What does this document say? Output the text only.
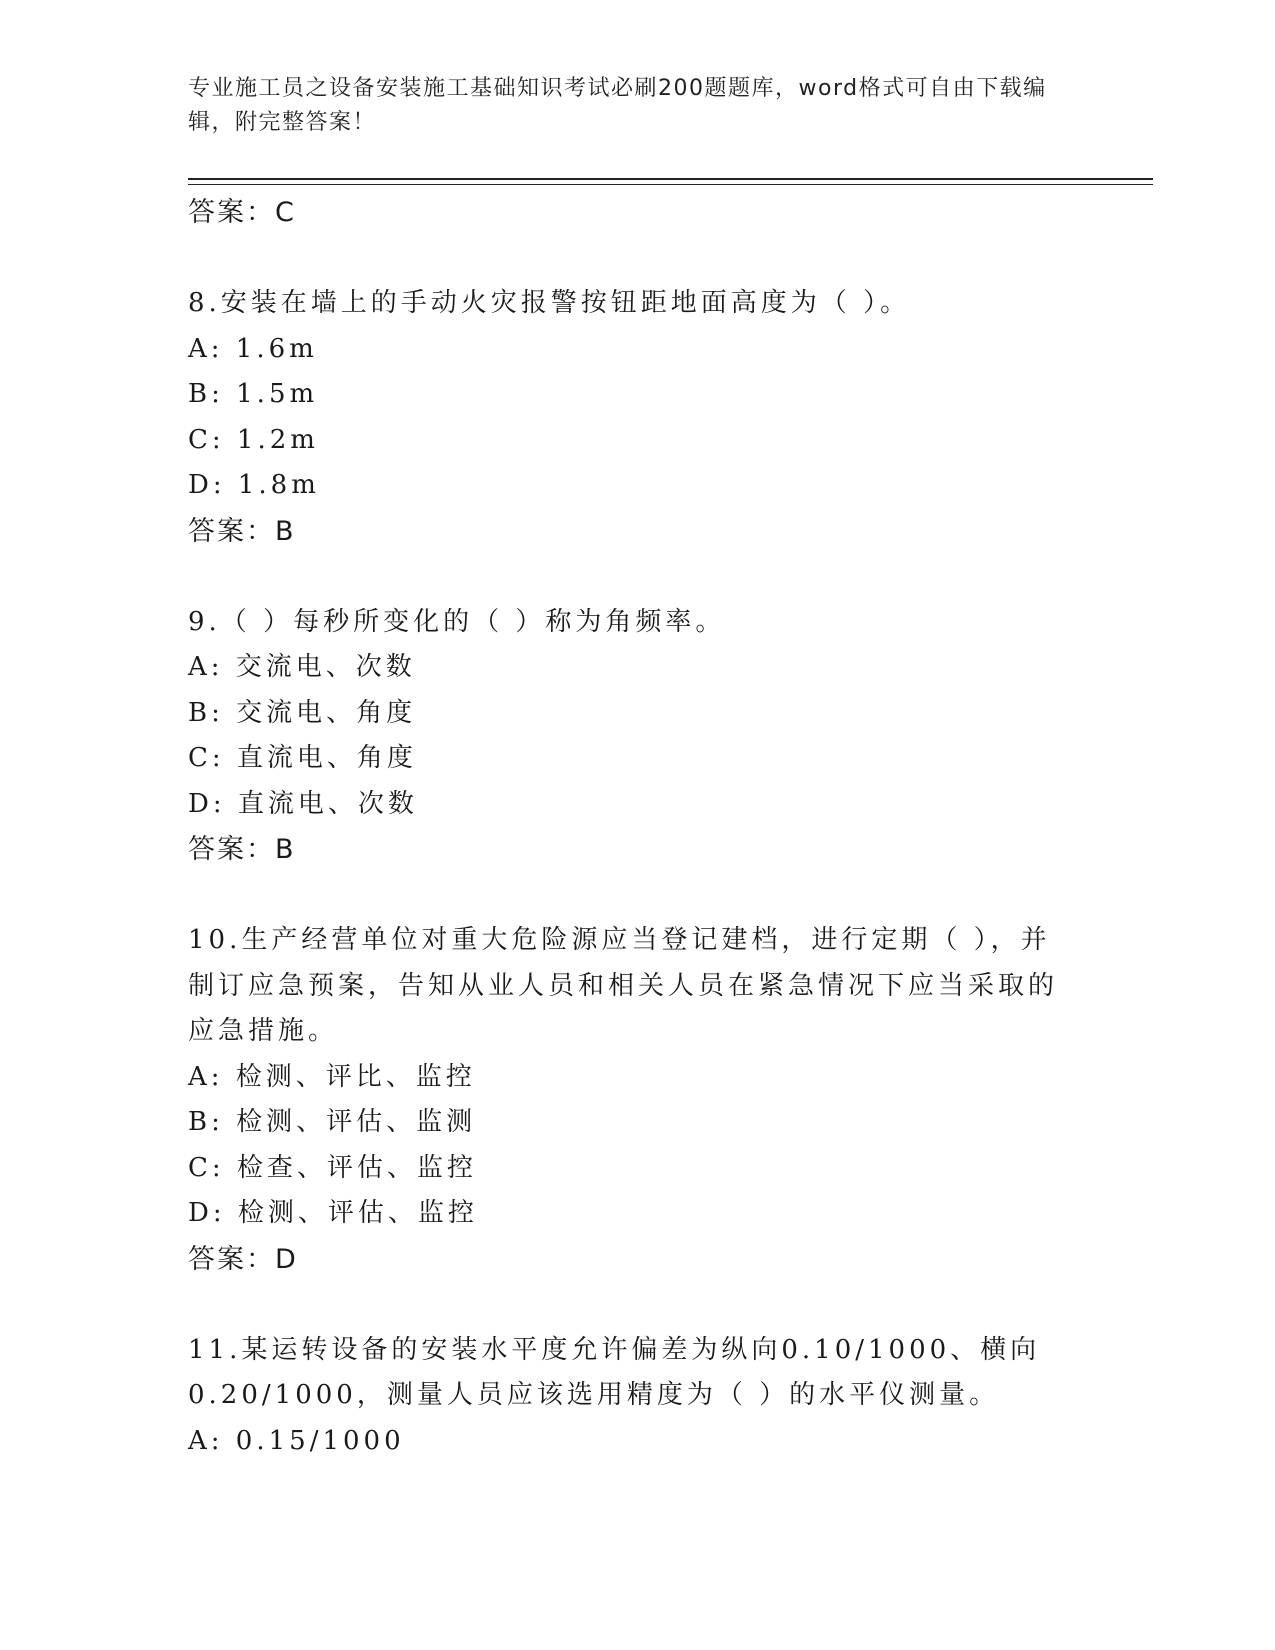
专业施工员之设备安装施工基础知识考试必刷200题题库，word格式可自由下载编辑，附完整答案！
答案：C
8.安装在墙上的手动火灾报警按钮距地面高度为（ ）。
A: 1.6m
B: 1.5m
C: 1.2m
D: 1.8m
答案：B
9.（ ）每秒所变化的（ ）称为角频率。
A: 交流电、次数
B: 交流电、角度
C: 直流电、角度
D: 直流电、次数
答案：B
10.生产经营单位对重大危险源应当登记建档，进行定期（ ），并制订应急预案，告知从业人员和相关人员在紧急情况下应当采取的应急措施。
A: 检测、评比、监控
B: 检测、评估、监测
C: 检查、评估、监控
D: 检测、评估、监控
答案：D
11.某运转设备的安装水平度允许偏差为纵向0.10/1000、横向0.20/1000，测量人员应该选用精度为（ ）的水平仪测量。
A: 0.15/1000
